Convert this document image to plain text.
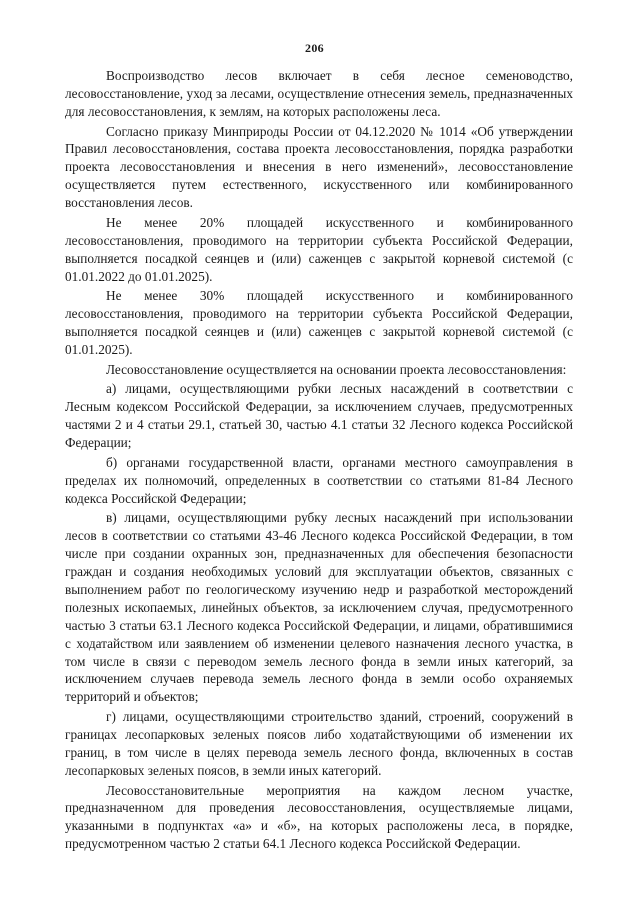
206

Воспроизводство лесов включает в себя лесное семеноводство, лесовосстановление, уход за лесами, осуществление отнесения земель, предназначенных для лесовосстановления, к землям, на которых расположены леса.

Согласно приказу Минприроды России от 04.12.2020 № 1014 «Об утверждении Правил лесовосстановления, состава проекта лесовосстановления, порядка разработки проекта лесовосстановления и внесения в него изменений», лесовосстановление осуществляется путем естественного, искусственного или комбинированного восстановления лесов.

Не менее 20% площадей искусственного и комбинированного лесовосстановления, проводимого на территории субъекта Российской Федерации, выполняется посадкой сеянцев и (или) саженцев с закрытой корневой системой (с 01.01.2022 до 01.01.2025).

Не менее 30% площадей искусственного и комбинированного лесовосстановления, проводимого на территории субъекта Российской Федерации, выполняется посадкой сеянцев и (или) саженцев с закрытой корневой системой (с 01.01.2025).

Лесовосстановление осуществляется на основании проекта лесовосстановления:

а) лицами, осуществляющими рубки лесных насаждений в соответствии с Лесным кодексом Российской Федерации, за исключением случаев, предусмотренных частями 2 и 4 статьи 29.1, статьей 30, частью 4.1 статьи 32 Лесного кодекса Российской Федерации;

б) органами государственной власти, органами местного самоуправления в пределах их полномочий, определенных в соответствии со статьями 81-84 Лесного кодекса Российской Федерации;

в) лицами, осуществляющими рубку лесных насаждений при использовании лесов в соответствии со статьями 43-46 Лесного кодекса Российской Федерации, в том числе при создании охранных зон, предназначенных для обеспечения безопасности граждан и создания необходимых условий для эксплуатации объектов, связанных с выполнением работ по геологическому изучению недр и разработкой месторождений полезных ископаемых, линейных объектов, за исключением случая, предусмотренного частью 3 статьи 63.1 Лесного кодекса Российской Федерации, и лицами, обратившимися с ходатайством или заявлением об изменении целевого назначения лесного участка, в том числе в связи с переводом земель лесного фонда в земли иных категорий, за исключением случаев перевода земель лесного фонда в земли особо охраняемых территорий и объектов;

г) лицами, осуществляющими строительство зданий, строений, сооружений в границах лесопарковых зеленых поясов либо ходатайствующими об изменении их границ, в том числе в целях перевода земель лесного фонда, включенных в состав лесопарковых зеленых поясов, в земли иных категорий.

Лесовосстановительные мероприятия на каждом лесном участке, предназначенном для проведения лесовосстановления, осуществляемые лицами, указанными в подпунктах «а» и «б», на которых расположены леса, в порядке, предусмотренном частью 2 статьи 64.1 Лесного кодекса Российской Федерации.
